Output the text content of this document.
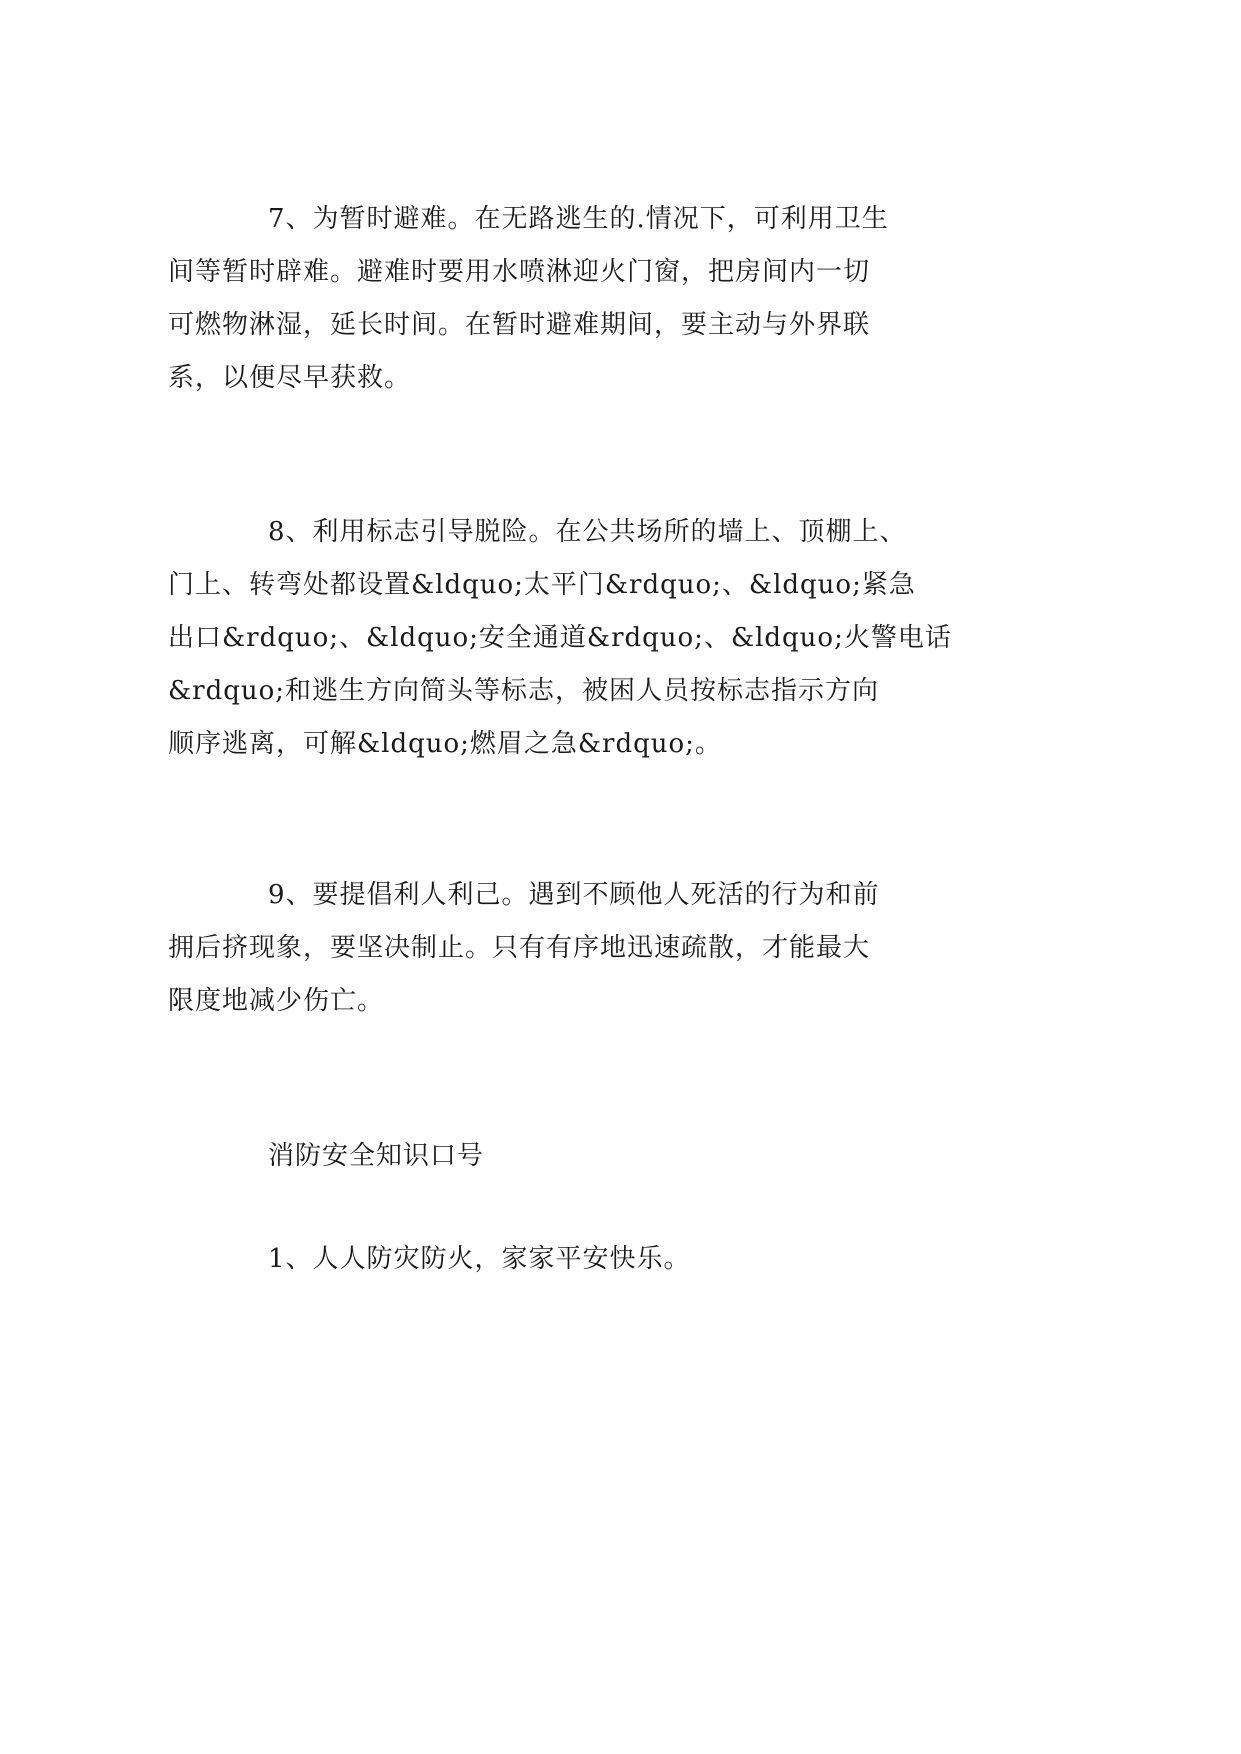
7、为暂时避难。在无路逃生的.情况下，可利用卫生
间等暂时辟难。避难时要用水喷淋迎火门窗，把房间内一切
可燃物淋湿，延长时间。在暂时避难期间，要主动与外界联
系，以便尽早获救。

8、利用标志引导脱险。在公共场所的墙上、顶棚上、
门上、转弯处都设置&ldquo;太平门&rdquo;、&ldquo;紧急
出口&rdquo;、&ldquo;安全通道&rdquo;、&ldquo;火警电话
&rdquo;和逃生方向简头等标志，被困人员按标志指示方向
顺序逃离，可解&ldquo;燃眉之急&rdquo;。

9、要提倡利人利己。遇到不顾他人死活的行为和前
拥后挤现象，要坚决制止。只有有序地迅速疏散，才能最大
限度地减少伤亡。

消防安全知识口号

1、人人防灾防火，家家平安快乐。
